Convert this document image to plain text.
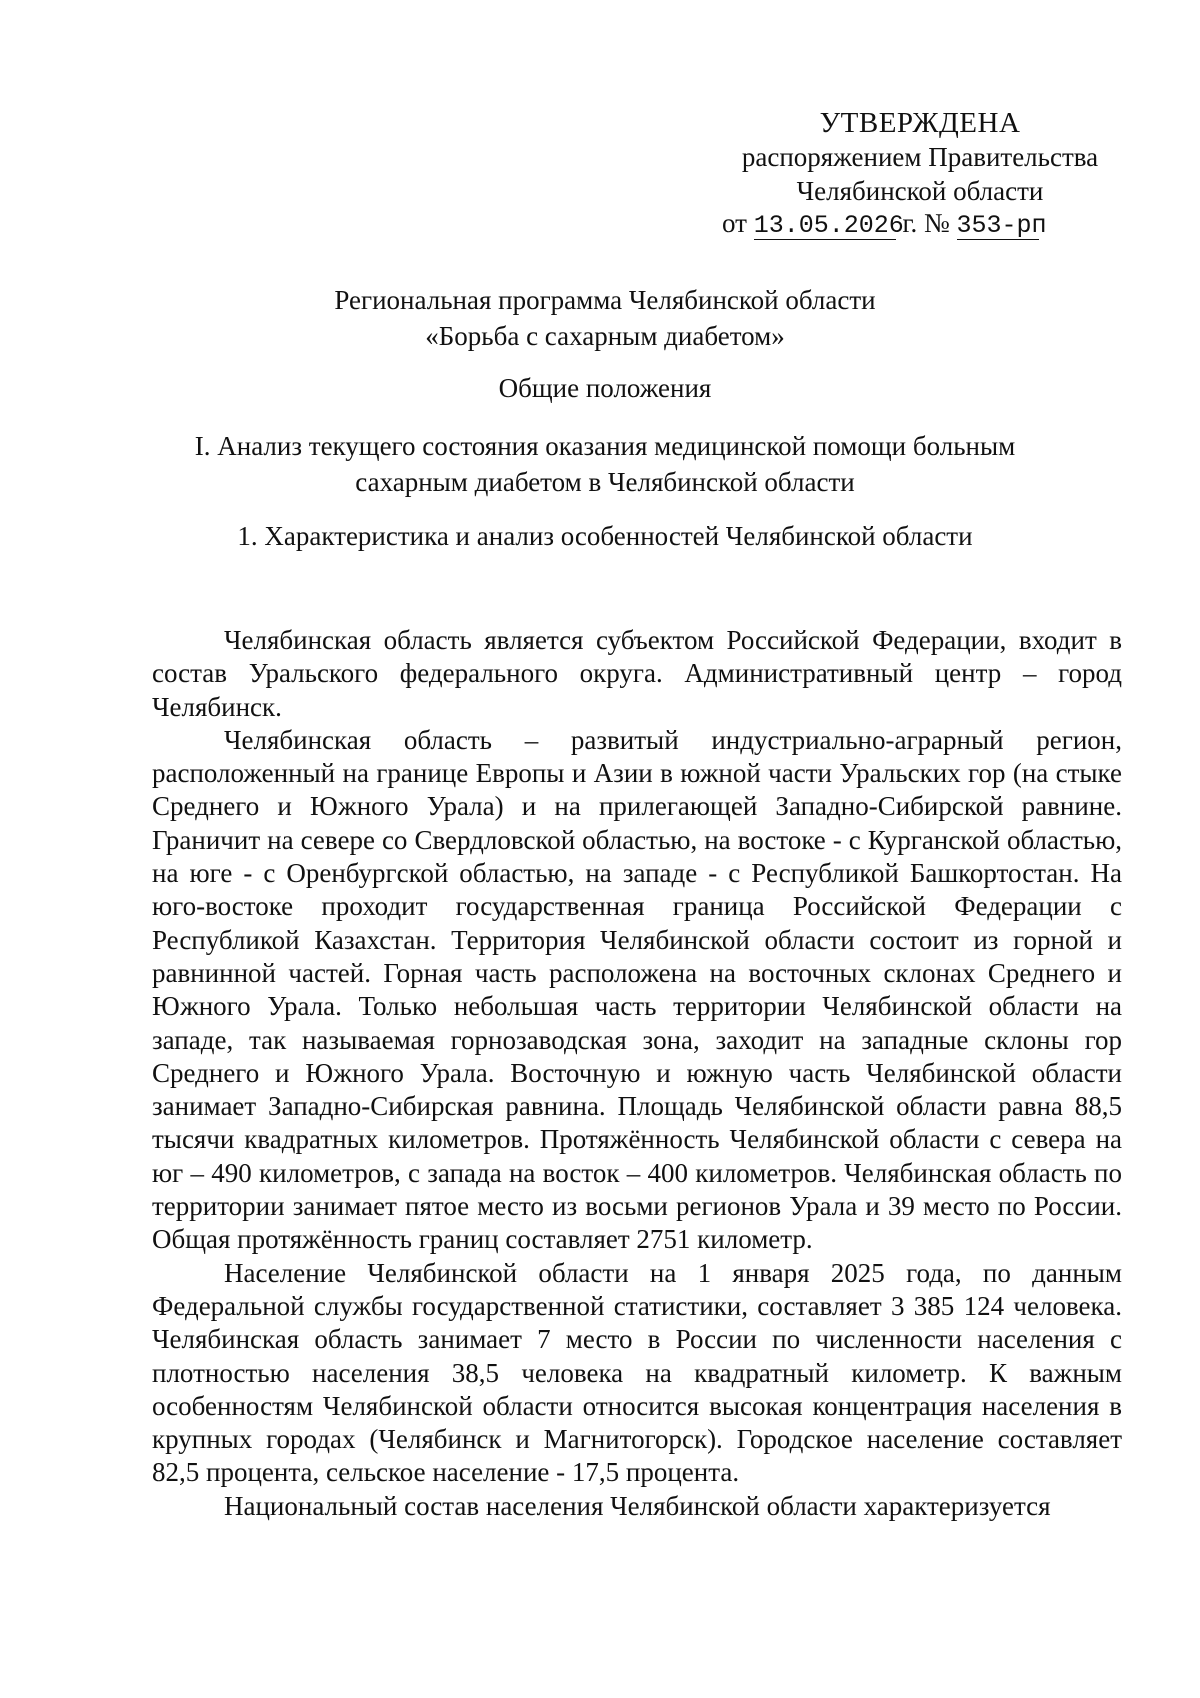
УТВЕРЖДЕНА
распоряжением Правительства
Челябинской области
от 13.05.2026 г. № 353-рп
Региональная программа Челябинской области
«Борьба с сахарным диабетом»
Общие положения
I. Анализ текущего состояния оказания медицинской помощи больным
сахарным диабетом в Челябинской области
1. Характеристика и анализ особенностей Челябинской области

Челябинская область является субъектом Российской Федерации, входит в состав Уральского федерального округа. Административный центр – город Челябинск.

Челябинская область – развитый индустриально-аграрный регион, расположенный на границе Европы и Азии в южной части Уральских гор (на стыке Среднего и Южного Урала) и на прилегающей Западно-Сибирской равнине. Граничит на севере со Свердловской областью, на востоке - с Курганской областью, на юге - с Оренбургской областью, на западе - с Республикой Башкортостан. На юго-востоке проходит государственная граница Российской Федерации с Республикой Казахстан. Территория Челябинской области состоит из горной и равнинной частей. Горная часть расположена на восточных склонах Среднего и Южного Урала. Только небольшая часть территории Челябинской области на западе, так называемая горнозаводская зона, заходит на западные склоны гор Среднего и Южного Урала. Восточную и южную часть Челябинской области занимает Западно-Сибирская равнина. Площадь Челябинской области равна 88,5 тысячи квадратных километров. Протяжённость Челябинской области с севера на юг – 490 километров, с запада на восток – 400 километров. Челябинская область по территории занимает пятое место из восьми регионов Урала и 39 место по России. Общая протяжённость границ составляет 2751 километр.

Население Челябинской области на 1 января 2025 года, по данным Федеральной службы государственной статистики, составляет 3 385 124 человека. Челябинская область занимает 7 место в России по численности населения с плотностью населения 38,5 человека на квадратный километр. К важным особенностям Челябинской области относится высокая концентрация населения в крупных городах (Челябинск и Магнитогорск). Городское население составляет 82,5 процента, сельское население - 17,5 процента.

Национальный состав населения Челябинской области характеризуется
